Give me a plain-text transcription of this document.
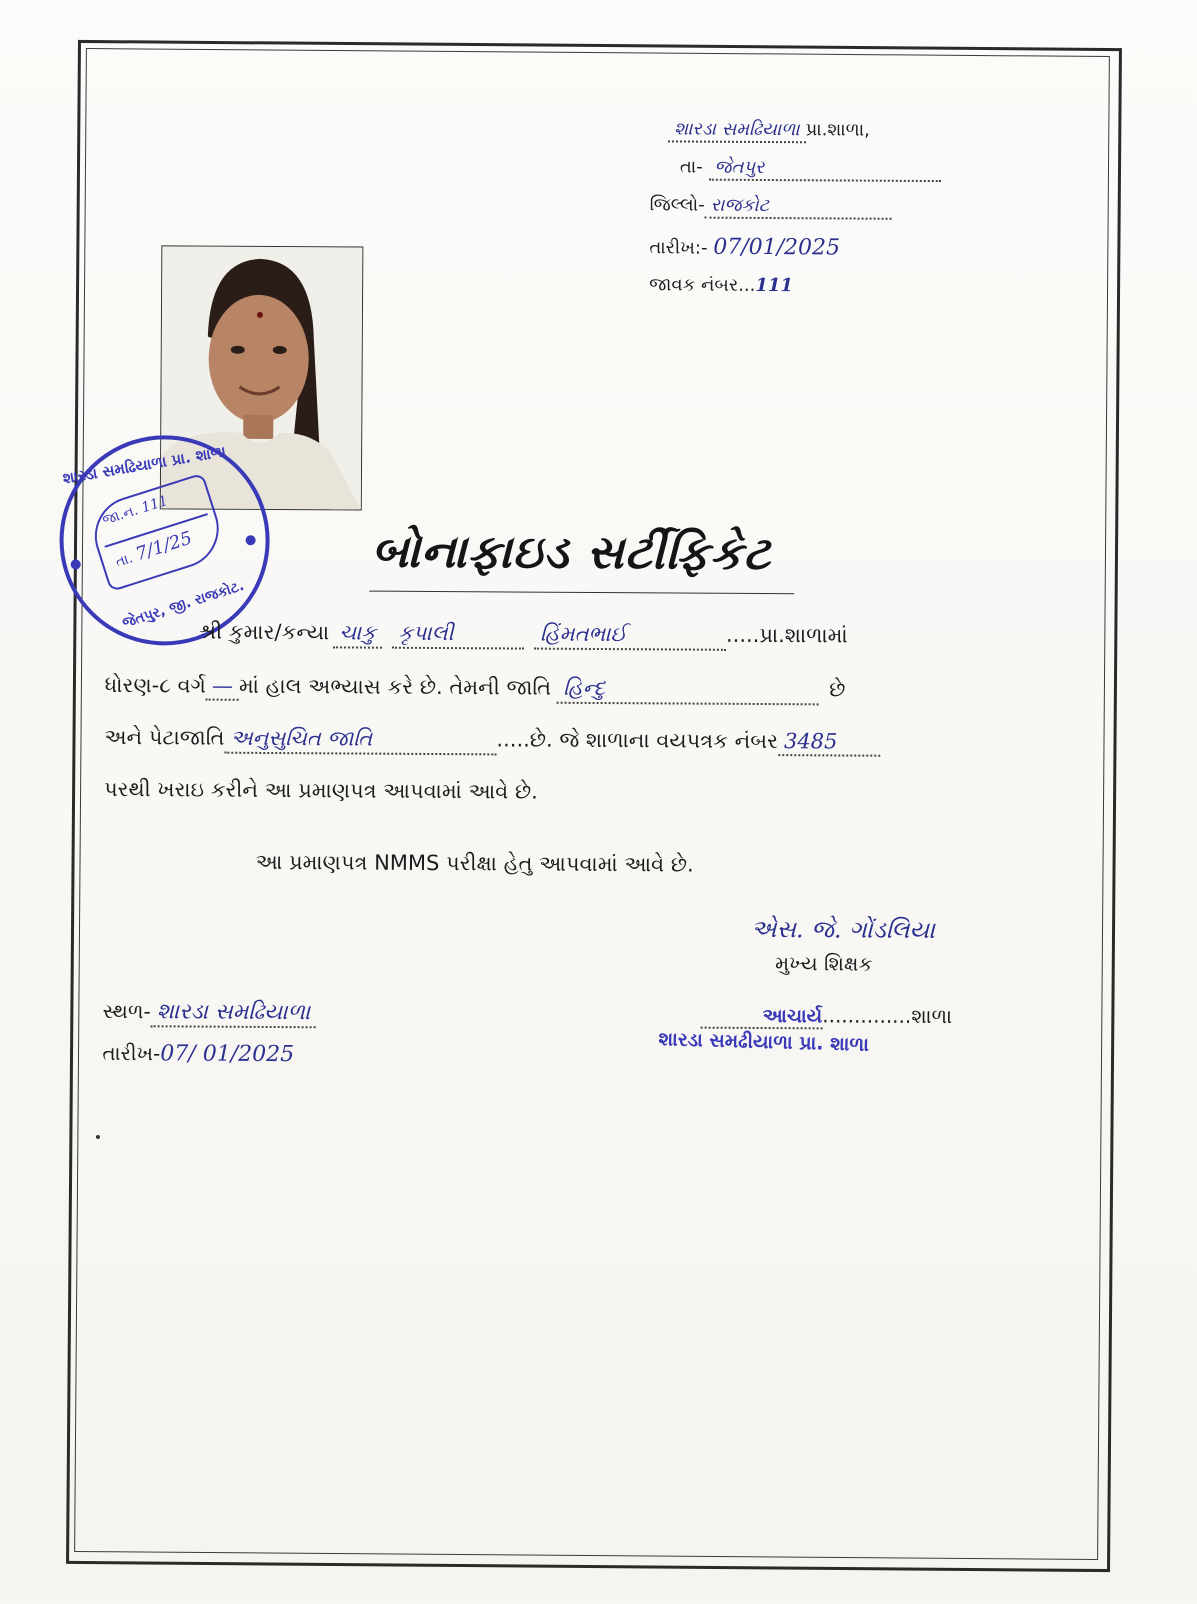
શારડા સમઢિયાળા પ્રા.શાળા,
તા- જેતપુર
જિલ્લો- રાજકોટ
તારીખ:- 07/01/2025
જાવક નંબર...111
શારડા સમઢિયાળા પ્રા. શાળા
જેતપુર, જી. રાજકોટ.
જા.ન. 111
તા. 7/1/25	બોનાફાઇડ સર્ટીફિકેટ
શ્રી કુમાર/કન્યા ચાકુ કૃપાલી	હિંમતભાઈ	.....પ્રા.શાળામાં
ધોરણ-૮ વર્ગ — માં હાલ અભ્યાસ કરે છે. તેમની જાતિ હિન્દુ	છે
અને પેટાજાતિ અનુસુચિત જાતિ	.....છે. જે શાળાના વયપત્રક નંબર 3485
પરથી ખરાઇ કરીને આ પ્રમાણપત્ર આપવામાં આવે છે.
આ પ્રમાણપત્ર NMMS પરીક્ષા હેતુ આપવામાં આવે છે.
એસ. જે. ગોંડલિયા
મુખ્ય શિક્ષક
આચાર્ય..............શાળા
શારડા સમઢીયાળા પ્રા. શાળા
સ્થળ- શારડા સમઢિયાળા
તારીખ-07/ 01/2025
